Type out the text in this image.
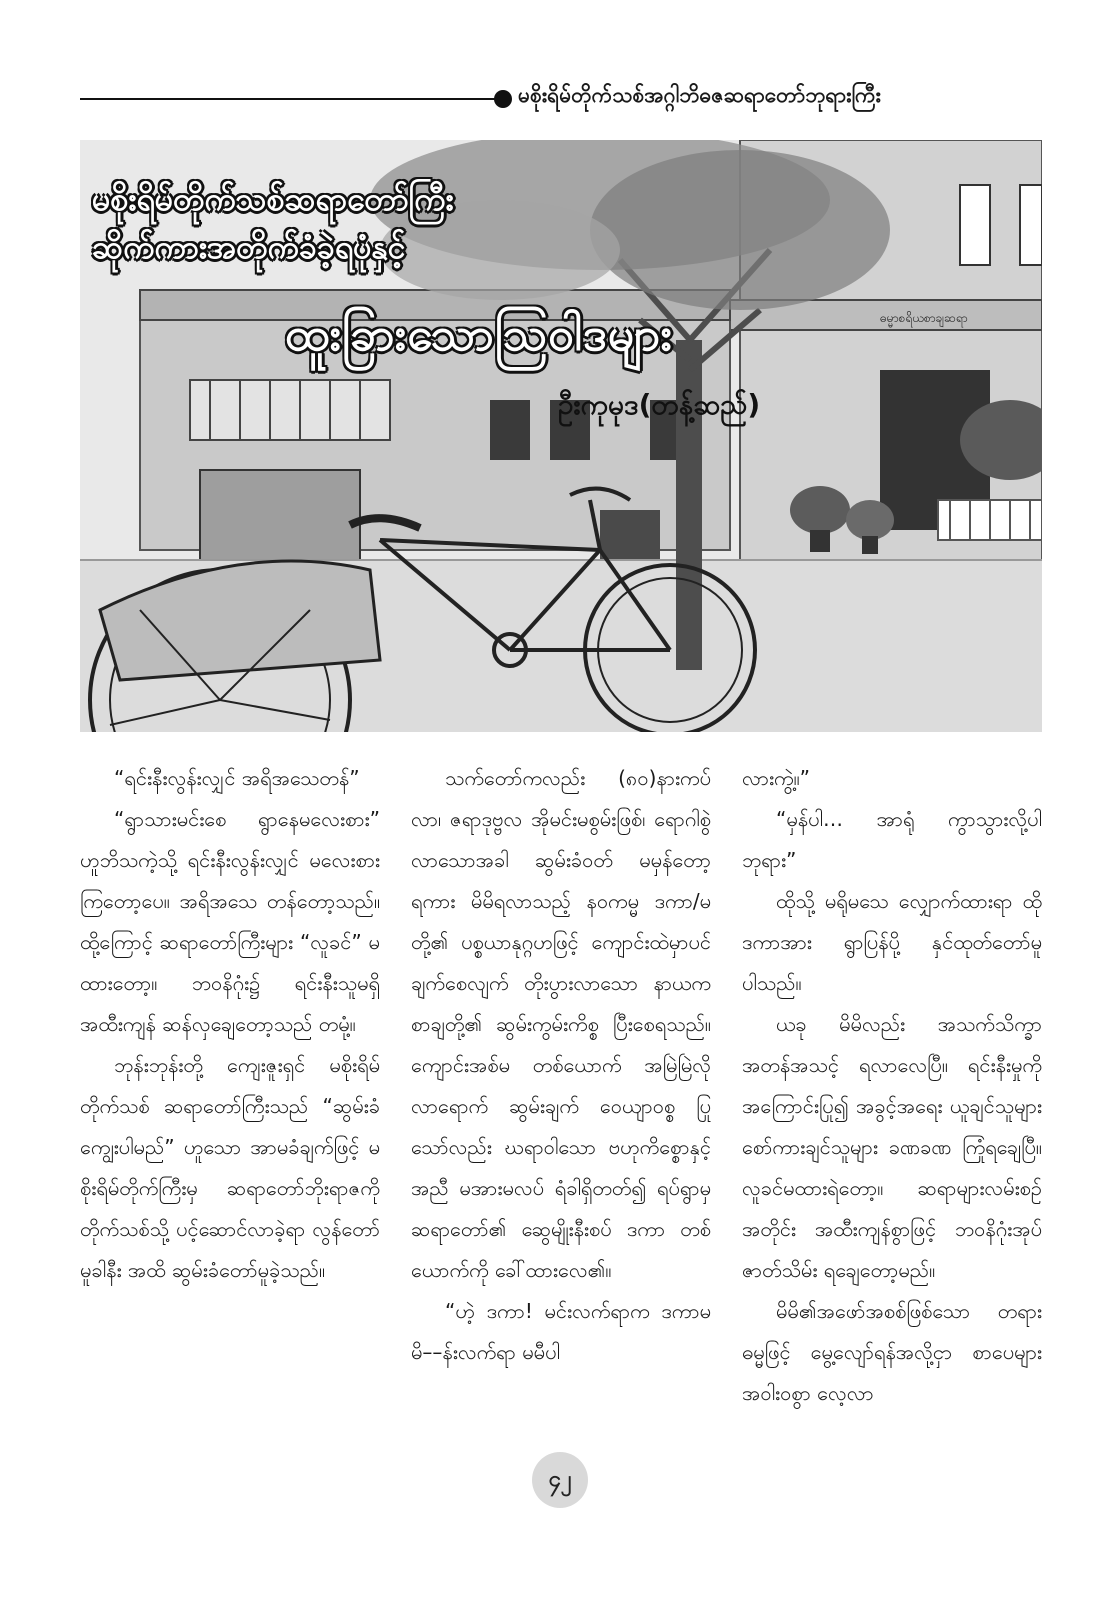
မစိုးရိမ်တိုက်သစ်အဂ္ဂါဘိဓဇဆရာတော်ဘုရားကြီး
ဓမ္မာစရိယစာချဆရာ
မစိုးရိမ်တိုက်သစ်ဆရာတော်ကြီး
ဆိုက်ကားအတိုက်ခံခဲ့ရပုံနှင့်
ထူးခြားသောသြဝါဒများ
ဦးကုမုဒ(တန့်ဆည်)

“ရင်းနီးလွန်းလျှင် အရိအသေတန်”

“ရွာသားမင်းစေ ရွာနေမလေးစား” ဟူဘိသကဲ့သို့ ရင်းနီးလွန်းလျှင် မလေးစားကြတော့ပေ။ အရိအသေ တန်တော့သည်။ ထို့ကြောင့် ဆရာတော်ကြီးများ “လူခင်” မထားတော့။ ဘဝနိဂုံး၌ ရင်းနီးသူမရှိ အထီးကျန် ဆန်လှချေတော့သည် တမုံ့။

ဘုန်းဘုန်းတို့ ကျေးဇူးရှင် မစိုးရိမ်တိုက်သစ် ဆရာတော်ကြီးသည် “ဆွမ်းခံကျွေးပါမည်” ဟူသော အာမခံချက်ဖြင့် မစိုးရိမ်တိုက်ကြီးမှ ဆရာတော်ဘိုးရာဇကို တိုက်သစ်သို့ ပင့်ဆောင်လာခဲ့ရာ လွန်တော်မူခါနီး အထိ ဆွမ်းခံတော်မူခဲ့သည်။

သက်တော်ကလည်း (၈၀)နားကပ်လာ၊ ဇရာဒုဗ္ဗလ အိုမင်းမစွမ်းဖြစ်၊ ရောဂါစွဲလာသောအခါ ဆွမ်းခံဝတ် မမှန်တော့ရကား မိမိရလာသည့် နဝကမ္မ ဒကာ/မတို့၏ ပစ္စယာနုဂ္ဂဟဖြင့် ကျောင်းထဲမှာပင်ချက်စေလျက် တိုးပွားလာသော နာယက စာချတို့၏ ဆွမ်းကွမ်းကိစ္စ ပြီးစေရသည်။ ကျောင်းအစ်မ တစ်ယောက် အမြဲမြဲလို လာရောက် ဆွမ်းချက် ဝေယျာဝစ္စ ပြုသော်လည်း ဃရာဝါသော ဗဟုကိစ္စောနှင့်အညီ မအားမလပ် ရံခါရှိတတ်၍ ရပ်ရွာမှ ဆရာတော်၏ ဆွေမျိုးနီးစပ် ဒကာ တစ်ယောက်ကို ခေါ်ထားလေ၏။

“ဟဲ့ ဒကာ! မင်းလက်ရာက ဒကာမ မိ––န်းလက်ရာ မမီပါ

လားကွဲ့။”

“မှန်ပါ… အာရုံ ကွာသွားလို့ပါ ဘုရား”

ထိုသို့ မရိုမသေ လျှောက်ထားရာ ထိုဒကာအား ရွာပြန်ပို့ နှင်ထုတ်တော်မူပါသည်။

ယခု မိမိလည်း အသက်သိက္ခာ အတန်အသင့် ရလာလေပြီ။ ရင်းနီးမှုကို အကြောင်းပြု၍ အခွင့်အရေး ယူချင်သူများ စော်ကားချင်သူများ ခဏခဏ ကြုံရချေပြီ။ လူခင်မထားရဲတော့။ ဆရာများလမ်းစဉ် အတိုင်း အထီးကျန်စွာဖြင့် ဘဝနိဂုံးအုပ် ဇာတ်သိမ်း ရချေတော့မည်။

မိမိ၏အဖော်အစစ်ဖြစ်သော တရားဓမ္မဖြင့် မွေ့လျော်ရန်အလို့ငှာ စာပေများ အဝါးဝစွာ လေ့လာ

၄၂
